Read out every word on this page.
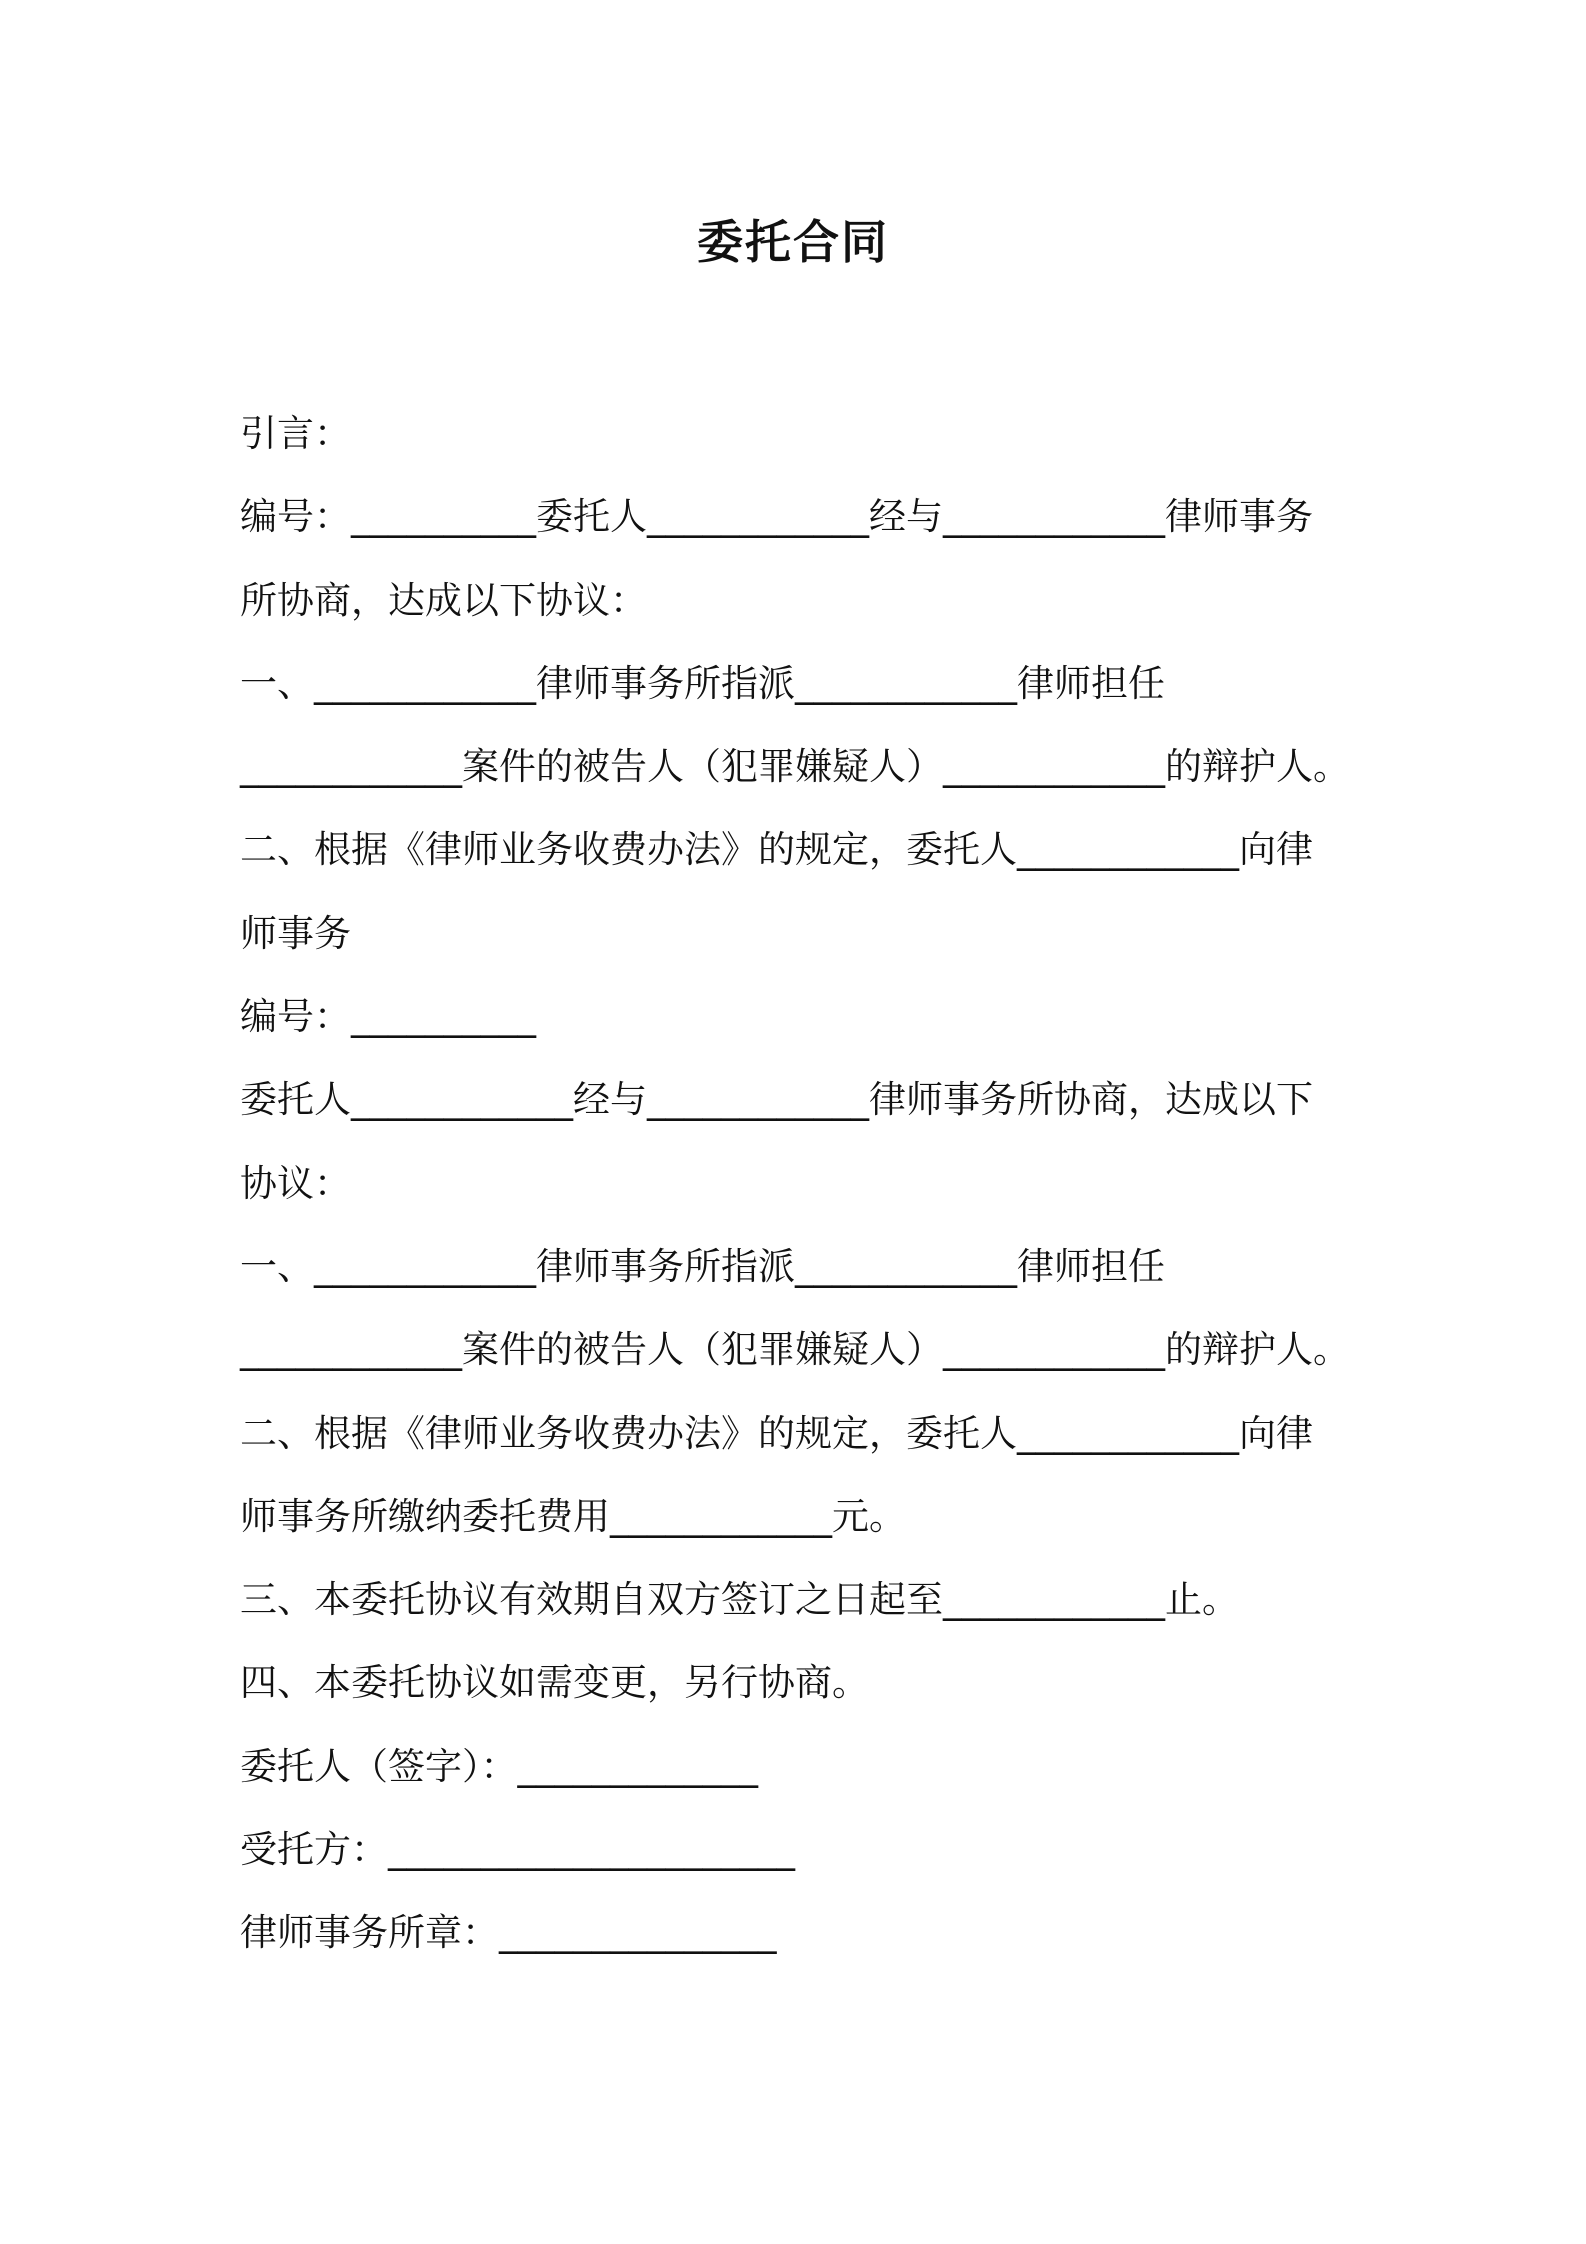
委托合同
引言：
编号：__________委托人____________经与____________律师事务
所协商，达成以下协议：
一、____________律师事务所指派____________律师担任
____________案件的被告人（犯罪嫌疑人）____________的辩护人。
二、根据《律师业务收费办法》的规定，委托人____________向律
师事务
编号：__________
委托人____________经与____________律师事务所协商，达成以下
协议：
一、____________律师事务所指派____________律师担任
____________案件的被告人（犯罪嫌疑人）____________的辩护人。
二、根据《律师业务收费办法》的规定，委托人____________向律
师事务所缴纳委托费用____________元。
三、本委托协议有效期自双方签订之日起至____________止。
四、本委托协议如需变更，另行协商。
委托人（签字）：_____________
受托方：______________________
律师事务所章：_______________
